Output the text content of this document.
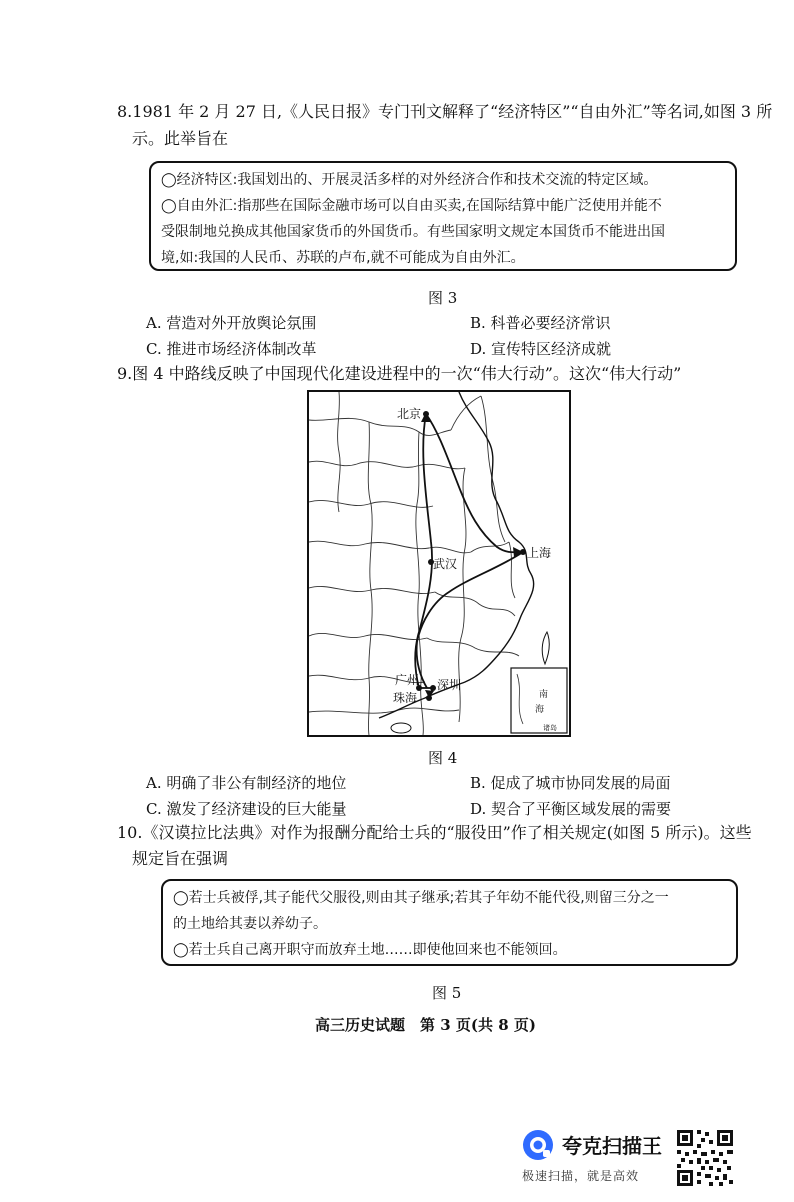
8.1981 年 2 月 27 日,《人民日报》专门刊文解释了“经济特区”“自由外汇”等名词,如图 3 所
示。此举旨在
◯经济特区:我国划出的、开展灵活多样的对外经济合作和技术交流的特定区域。
◯自由外汇:指那些在国际金融市场可以自由买卖,在国际结算中能广泛使用并能不
受限制地兑换成其他国家货币的外国货币。有些国家明文规定本国货币不能进出国
境,如:我国的人民币、苏联的卢布,就不可能成为自由外汇。
图 3
A. 营造对外开放舆论氛围	B. 科普必要经济常识
C. 推进市场经济体制改革	D. 宣传特区经济成就
9.图 4 中路线反映了中国现代化建设进程中的一次“伟大行动”。这次“伟大行动”
北京
上海
武汉
广州 深圳
珠海	南
海
诸岛
图 4
A. 明确了非公有制经济的地位	B. 促成了城市协同发展的局面
C. 激发了经济建设的巨大能量	D. 契合了平衡区域发展的需要
10.《汉谟拉比法典》对作为报酬分配给士兵的“服役田”作了相关规定(如图 5 所示)。这些
规定旨在强调
◯若士兵被俘,其子能代父服役,则由其子继承;若其子年幼不能代役,则留三分之一
的土地给其妻以养幼子。
◯若士兵自己离开职守而放弃土地……即使他回来也不能领回。
图 5
高三历史试题　第 3 页(共 8 页)
夸克扫描王
极速扫描，就是高效
